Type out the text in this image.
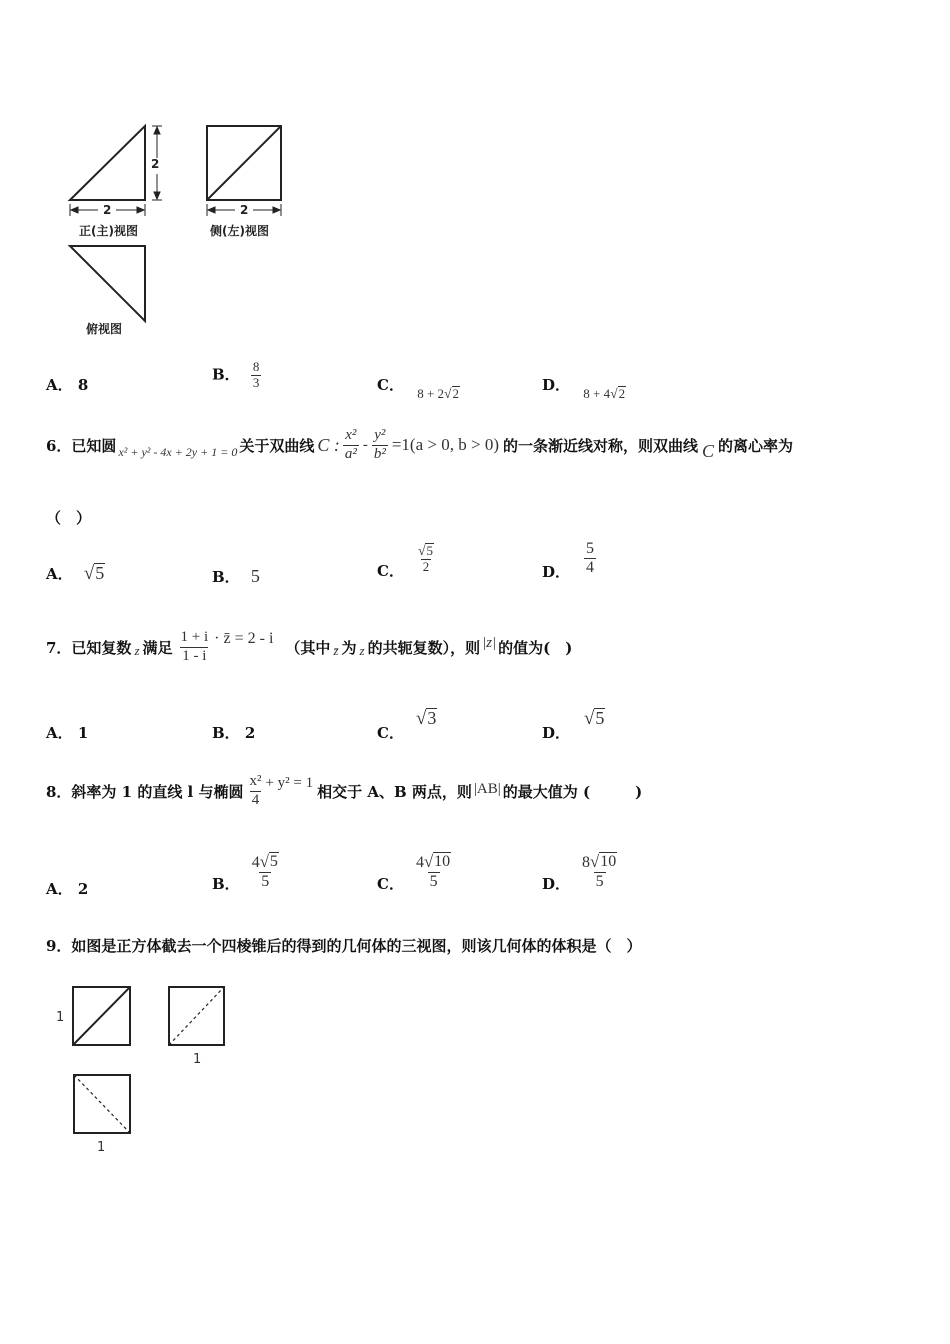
2
2	2
正(主)视图	侧(左)视图
俯视图
A． 8
B． $\frac{8}{3}$	C． 8 + 2 √ 2	D． 8 + 4 √ 2
6．已知圆 x² + y² - 4x + 2y + 1 = 0 关于双曲线 C : $\frac{\text{x²}}{\text{a²}} - \frac{\text{y²}}{\text{b²}} =1(a > 0$, b > 0) 的一条渐近线对称，则双曲线 C 的离心率为
（　）
A． √ 5	B． 5	C． $\frac{√ 5}{2}$	D． $\frac{5}{4}$
7．已知复数 z 满足 $\frac{1 + i}{1 - i}$ · z̄ = 2 - i （其中 z̄ 为 z 的共轭复数），则 |z| 的值为(　)
A． 1	B． 2	C．
√ 3
D．
√ 5
8．斜率为 1 的直线 l 与椭圆 $\frac{\text{x²}}{4} + y^2 = 1$ 相交于 A、B 两点，则 |AB| 的最大值为 (　　　)
A． 2	B． $\frac{4 √ 5}{5}$	C． $\frac{4 √ 10}{5}$	D． $\frac{8 √ 10}{5}$
9．如图是正方体截去一个四棱锥后的得到的几何体的三视图，则该几何体的体积是（　）
1
1
1
